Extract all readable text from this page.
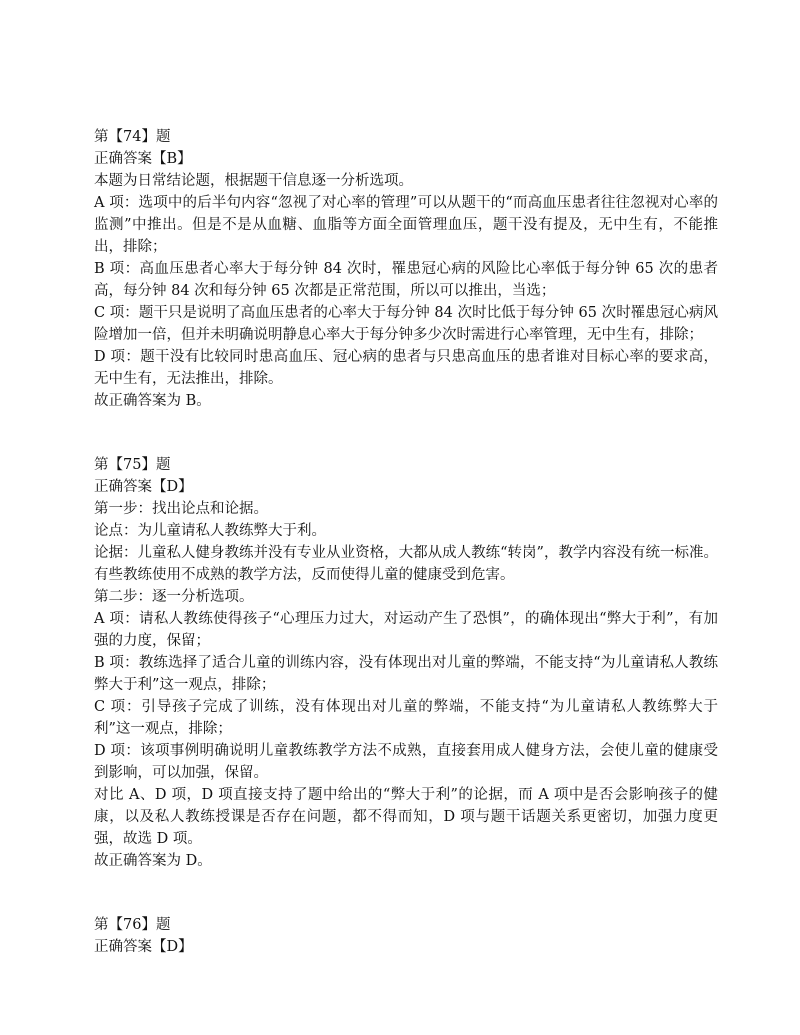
第【74】题

正确答案【B】

本题为日常结论题，根据题干信息逐一分析选项。

A 项：选项中的后半句内容“忽视了对心率的管理”可以从题干的“而高血压患者往往忽视对心率的监测”中推出。但是不是从血糖、血脂等方面全面管理血压，题干没有提及，无中生有，不能推出，排除；

B 项：高血压患者心率大于每分钟 84 次时，罹患冠心病的风险比心率低于每分钟 65 次的患者高，每分钟 84 次和每分钟 65 次都是正常范围，所以可以推出，当选；

C 项：题干只是说明了高血压患者的心率大于每分钟 84 次时比低于每分钟 65 次时罹患冠心病风险增加一倍，但并未明确说明静息心率大于每分钟多少次时需进行心率管理，无中生有，排除；

D 项：题干没有比较同时患高血压、冠心病的患者与只患高血压的患者谁对目标心率的要求高，无中生有，无法推出，排除。

故正确答案为 B。

第【75】题

正确答案【D】

第一步：找出论点和论据。

论点：为儿童请私人教练弊大于利。

论据：儿童私人健身教练并没有专业从业资格，大都从成人教练“转岗”，教学内容没有统一标准。有些教练使用不成熟的教学方法，反而使得儿童的健康受到危害。

第二步：逐一分析选项。

A 项：请私人教练使得孩子“心理压力过大，对运动产生了恐惧”，的确体现出“弊大于利”，有加强的力度，保留；

B 项：教练选择了适合儿童的训练内容，没有体现出对儿童的弊端，不能支持“为儿童请私人教练弊大于利”这一观点，排除；

C 项：引导孩子完成了训练，没有体现出对儿童的弊端，不能支持“为儿童请私人教练弊大于利”这一观点，排除；

D 项：该项事例明确说明儿童教练教学方法不成熟，直接套用成人健身方法，会使儿童的健康受到影响，可以加强，保留。

对比 A、D 项，D 项直接支持了题中给出的“弊大于利”的论据，而 A 项中是否会影响孩子的健康，以及私人教练授课是否存在问题，都不得而知，D 项与题干话题关系更密切，加强力度更强，故选 D 项。

故正确答案为 D。

第【76】题

正确答案【D】
